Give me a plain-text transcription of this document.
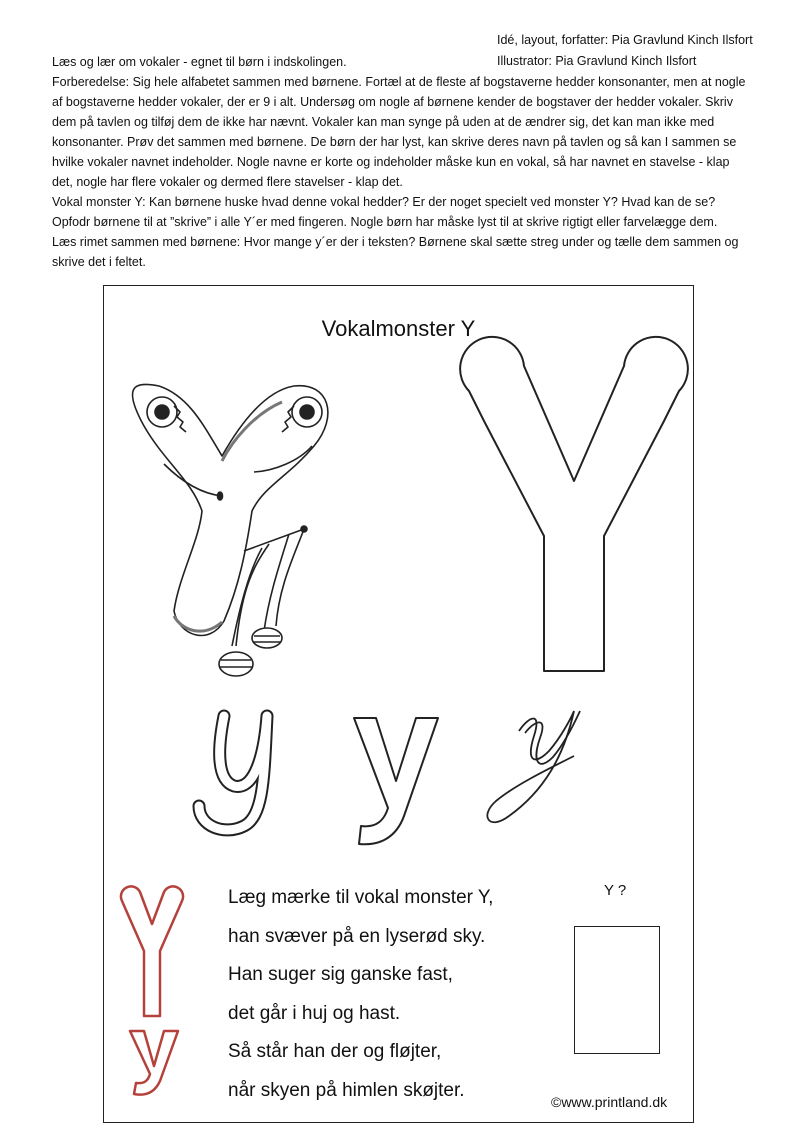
Idé, layout, forfatter: Pia Gravlund Kinch Ilsfort
Illustrator: Pia Gravlund Kinch Ilsfort

Læs og lær om vokaler - egnet til børn i indskolingen.

Forberedelse: Sig hele alfabetet sammen med børnene. Fortæl at de fleste af bogstaverne hedder konsonanter, men at nogle af bogstaverne hedder vokaler, der er 9 i alt. Undersøg om nogle af børnene kender de bogstaver der hedder vokaler. Skriv dem på tavlen og tilføj dem de ikke har nævnt. Vokaler kan man synge på uden at de ændrer sig, det kan man ikke med konsonanter. Prøv det sammen med børnene. De børn der har lyst, kan skrive deres navn på tavlen og så kan I sammen se hvilke vokaler navnet indeholder. Nogle navne er korte og indeholder måske kun en vokal, så har navnet en stavelse - klap det, nogle har flere vokaler og dermed flere stavelser - klap det.

Vokal monster Y: Kan børnene huske hvad denne vokal hedder? Er der noget specielt ved monster Y? Hvad kan de se?

Opfodr børnene til at ”skrive” i alle Y´er med fingeren. Nogle børn har måske lyst til at skrive rigtigt eller farvelægge dem.

Læs rimet sammen med børnene: Hvor mange y´er der i teksten? Børnene skal sætte streg under og tælle dem sammen og skrive det i feltet.

Vokalmonster Y
Læg mærke til vokal monster Y,
han svæver på en lyserød sky.
Han suger sig ganske fast,
det går i huj og hast.
Så står han der og fløjter,
når skyen på himlen skøjter.
Y ?
©www.printland.dk
